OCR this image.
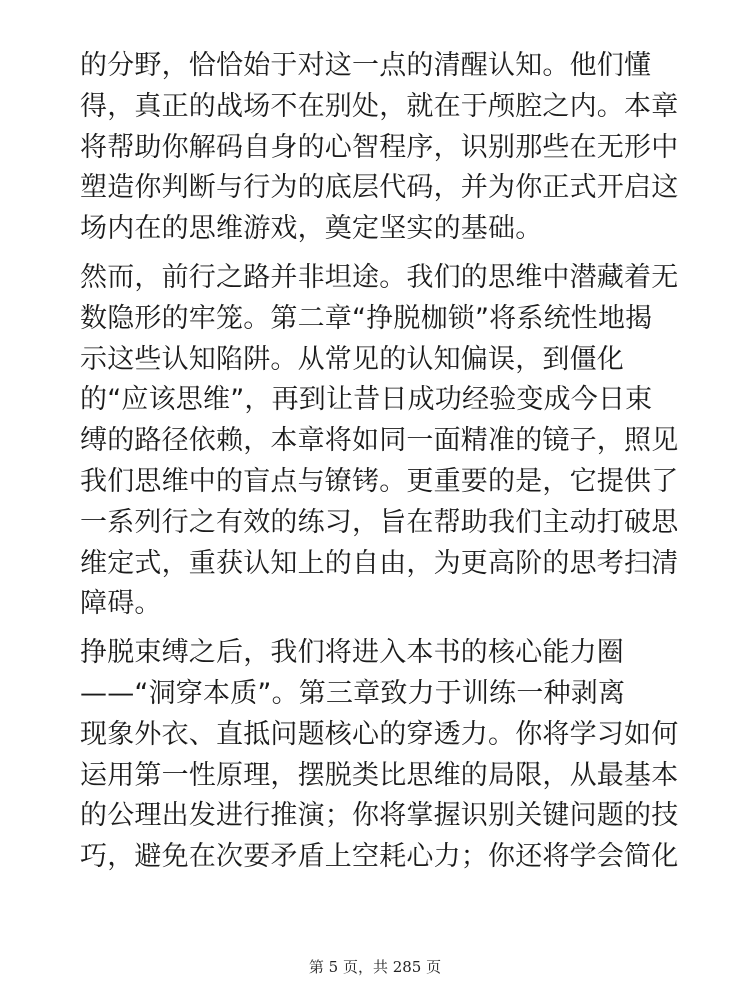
的分野，恰恰始于对这一点的清醒认知。他们懂
得，真正的战场不在别处，就在于颅腔之内。本章
将帮助你解码自身的心智程序，识别那些在无形中
塑造你判断与行为的底层代码，并为你正式开启这
场内在的思维游戏，奠定坚实的基础。
然而，前行之路并非坦途。我们的思维中潜藏着无
数隐形的牢笼。第二章“挣脱枷锁”将系统性地揭
示这些认知陷阱。从常见的认知偏误，到僵化
的“应该思维”，再到让昔日成功经验变成今日束
缚的路径依赖，本章将如同一面精准的镜子，照见
我们思维中的盲点与镣铐。更重要的是，它提供了
一系列行之有效的练习，旨在帮助我们主动打破思
维定式，重获认知上的自由，为更高阶的思考扫清
障碍。
挣脱束缚之后，我们将进入本书的核心能力圈
——“洞穿本质”。第三章致力于训练一种剥离
现象外衣、直抵问题核心的穿透力。你将学习如何
运用第一性原理，摆脱类比思维的局限，从最基本
的公理出发进行推演；你将掌握识别关键问题的技
巧，避免在次要矛盾上空耗心力；你还将学会简化
第 5 页，共 285 页
